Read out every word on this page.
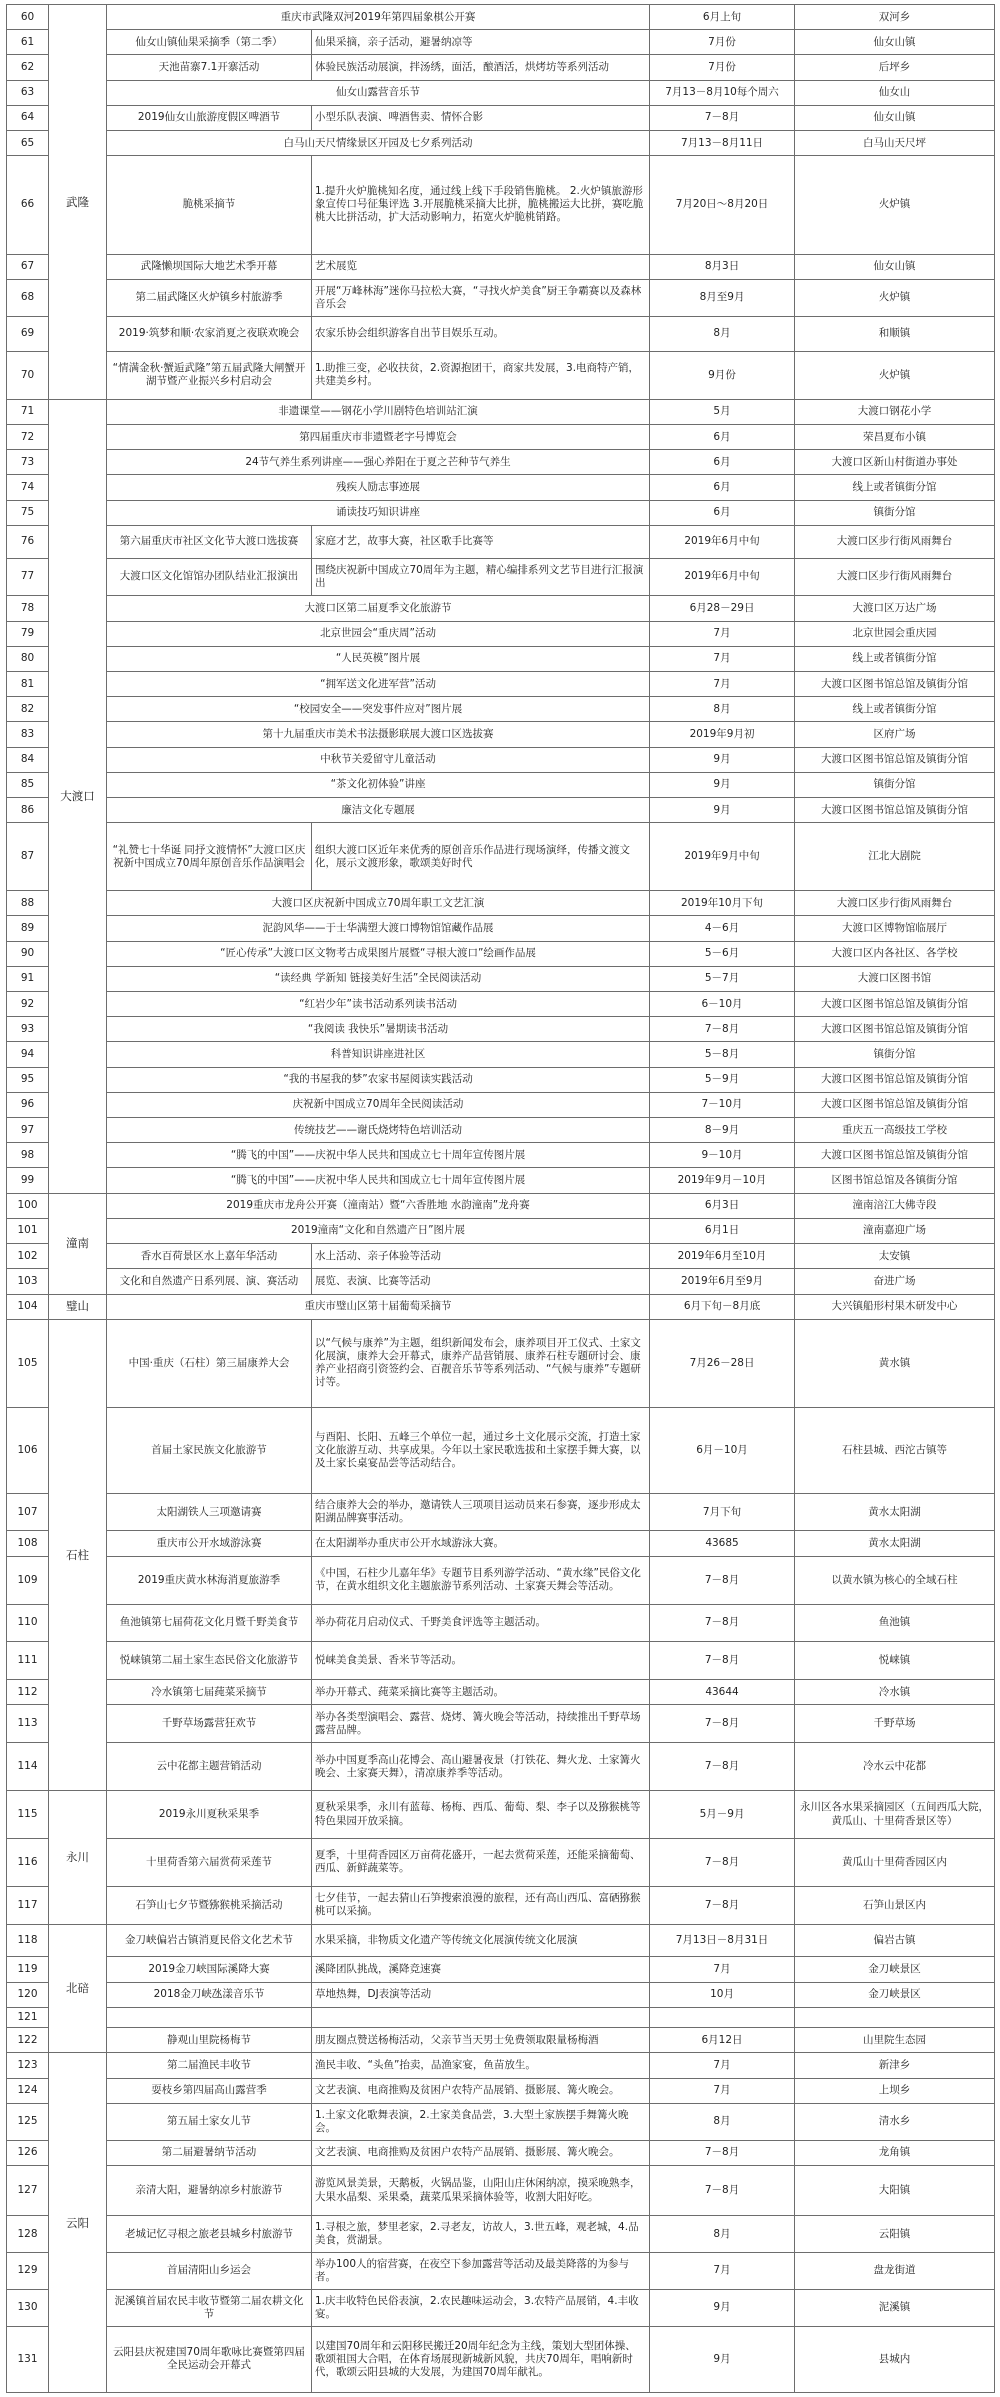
60	武隆	重庆市武隆双河2019年第四届象棋公开赛		6月上旬	双河乡
61		仙女山镇仙果采摘季（第二季）	仙果采摘，亲子活动，避暑纳凉等	7月份	仙女山镇
62		天池苗寨7.1开寨活动	体验民族活动展演，拌汤绣，面活，酿酒活，烘烤坊等系列活动	7月份	后坪乡
63		仙女山露营音乐节		7月13－8月10每个周六	仙女山
64		2019仙女山旅游度假区啤酒节	小型乐队表演、啤酒售卖、情怀合影	7－8月	仙女山镇
65		白马山天尺情缘景区开园及七夕系列活动		7月13－8月11日	白马山天尺坪
66		脆桃采摘节	1.提升火炉脆桃知名度，通过线上线下手段销售脆桃。 2.火炉镇旅游形象宣传口号征集评选 3.开展脆桃采摘大比拼，脆桃搬运大比拼，赛吃脆桃大比拼活动，扩大活动影响力，拓宽火炉脆桃销路。	7月20日～8月20日	火炉镇
67		武隆懒坝国际大地艺术季开幕	艺术展览	8月3日	仙女山镇
68		第二届武隆区火炉镇乡村旅游季	开展“万峰林海”迷你马拉松大赛，“寻找火炉美食”厨王争霸赛以及森林音乐会	8月至9月	火炉镇
69		2019·筑梦和顺·农家消夏之夜联欢晚会	农家乐协会组织游客自出节目娱乐互动。	8月	和顺镇
70		“情满金秋·蟹逅武隆”第五届武隆大闸蟹开湖节暨产业振兴乡村启动会	1.助推三变，必收扶贫，2.资源抱团干，商家共发展，3.电商特产销，共建美乡村。	9月份	火炉镇
71	大渡口	非遗课堂——钢花小学川剧特色培训站汇演		5月	大渡口钢花小学
72		第四届重庆市非遗暨老字号博览会		6月	荣昌夏布小镇
73		24节气养生系列讲座——强心养阳在于夏之芒种节气养生		6月	大渡口区新山村街道办事处
74		残疾人励志事迹展		6月	线上或者镇街分馆
75		诵读技巧知识讲座		6月	镇街分馆
76		第六届重庆市社区文化节大渡口选拔赛	家庭才艺，故事大赛，社区歌手比赛等	2019年6月中旬	大渡口区步行街风雨舞台
77		大渡口区文化馆馆办团队结业汇报演出	围绕庆祝新中国成立70周年为主题，精心编排系列文艺节目进行汇报演出	2019年6月中旬	大渡口区步行街风雨舞台
78		大渡口区第二届夏季文化旅游节		6月28－29日	大渡口区万达广场
79		北京世园会“重庆周”活动		7月	北京世园会重庆园
80		“人民英模”图片展		7月	线上或者镇街分馆
81		“拥军送文化进军营”活动		7月	大渡口区图书馆总馆及镇街分馆
82		“校园安全——突发事件应对”图片展		8月	线上或者镇街分馆
83		第十九届重庆市美术书法摄影联展大渡口区选拔赛		2019年9月初	区府广场
84		中秋节关爱留守儿童活动		9月	大渡口区图书馆总馆及镇街分馆
85		“茶文化初体验”讲座		9月	镇街分馆
86		廉洁文化专题展		9月	大渡口区图书馆总馆及镇街分馆
87		“礼赞七十华诞 同抒文渡情怀”大渡口区庆祝新中国成立70周年原创音乐作品演唱会	组织大渡口区近年来优秀的原创音乐作品进行现场演绎，传播文渡文化，展示文渡形象，歌颂美好时代	2019年9月中旬	江北大剧院
88		大渡口区庆祝新中国成立70周年职工文艺汇演		2019年10月下旬	大渡口区步行街风雨舞台
89		泥韵风华——于士华满塑大渡口博物馆馆藏作品展		4－6月	大渡口区博物馆临展厅
90		“匠心传承”大渡口区文物考古成果图片展暨“寻根大渡口”绘画作品展		5－6月	大渡口区内各社区、各学校
91		“读经典 学新知 链接美好生活”全民阅读活动		5－7月	大渡口区图书馆
92		“红岩少年”读书活动系列读书活动		6－10月	大渡口区图书馆总馆及镇街分馆
93		“我阅读 我快乐”暑期读书活动		7－8月	大渡口区图书馆总馆及镇街分馆
94		科普知识讲座进社区		5－8月	镇街分馆
95		“我的书屋我的梦”农家书屋阅读实践活动		5－9月	大渡口区图书馆总馆及镇街分馆
96		庆祝新中国成立70周年全民阅读活动		7－10月	大渡口区图书馆总馆及镇街分馆
97		传统技艺——谢氏烧烤特色培训活动		8－9月	重庆五一高级技工学校
98		“腾飞的中国”——庆祝中华人民共和国成立七十周年宣传图片展		9－10月	大渡口区图书馆总馆及镇街分馆
99		“腾飞的中国”——庆祝中华人民共和国成立七十周年宣传图片展		2019年9月－10月	区图书馆总馆及各镇街分馆
100	潼南	2019重庆市龙舟公开赛（潼南站）暨“六香胜地 水韵潼南”龙舟赛		6月3日	潼南涪江大佛寺段
101		2019潼南“文化和自然遗产日”图片展		6月1日	潼南嘉迎广场
102		香水百荷景区水上嘉年华活动	水上活动、亲子体验等活动	2019年6月至10月	太安镇
103		文化和自然遗产日系列展、演、赛活动	展览、表演、比赛等活动	2019年6月至9月	奋进广场
104	璧山	重庆市璧山区第十届葡萄采摘节		6月下旬－8月底	大兴镇船形村果木研发中心
105	石柱	中国·重庆（石柱）第三届康养大会	以“气候与康养”为主题，组织新闻发布会，康养项目开工仪式、土家文化展演，康养大会开幕式，康养产品营销展、康养石柱专题研讨会、康养产业招商引资签约会、百靓音乐节等系列活动、“气候与康养”专题研讨等。	7月26－28日	黄水镇
106		首届土家民族文化旅游节	与酉阳、长阳、五峰三个单位一起，通过乡土文化展示交流，打造土家文化旅游互动、共享成果。今年以土家民歌选拔和土家摆手舞大赛，以及土家长桌宴品尝等活动结合。	6月－10月	石柱县城、西沱古镇等
107		太阳湖铁人三项邀请赛	结合康养大会的举办，邀请铁人三项项目运动员来石参赛，逐步形成太阳湖品牌赛事活动。	7月下旬	黄水太阳湖
108		重庆市公开水域游泳赛	在太阳湖举办重庆市公开水域游泳大赛。	43685	黄水太阳湖
109		2019重庆黄水林海消夏旅游季	《中国，石柱少儿嘉年华》专题节目系列游学活动、“黄水缘”民俗文化节，在黄水组织文化主题旅游节系列活动、土家赛天舞会等活动。	7－8月	以黄水镇为核心的全域石柱
110		鱼池镇第七届荷花文化月暨千野美食节	举办荷花月启动仪式、千野美食评选等主题活动。	7－8月	鱼池镇
111		悦崃镇第二届土家生态民俗文化旅游节	悦崃美食美景、香米节等活动。	7－8月	悦崃镇
112		冷水镇第七届莼菜采摘节	举办开幕式、莼菜采摘比赛等主题活动。	43644	冷水镇
113		千野草场露营狂欢节	举办各类型演唱会、露营、烧烤、篝火晚会等活动，持续推出千野草场露营品牌。	7－8月	千野草场
114		云中花都主题营销活动	举办中国夏季高山花博会、高山避暑夜景（打铁花、舞火龙、土家篝火晚会、土家赛天舞），清凉康养季等活动。	7－8月	冷水云中花都
115	永川	2019永川夏秋采果季	夏秋采果季，永川有蓝莓、杨梅、西瓜、葡萄、梨、李子以及猕猴桃等特色果园开放采摘。	5月－9月	永川区各水果采摘园区（五间西瓜大院，黄瓜山、十里荷香景区等）
116		十里荷香第六届赏荷采莲节	夏季，十里荷香园区万亩荷花盛开，一起去赏荷采莲，还能采摘葡萄、西瓜、新鲜蔬菜等。	7－8月	黄瓜山十里荷香园区内
117		石笋山七夕节暨猕猴桃采摘活动	七夕佳节，一起去猜山石笋搜索浪漫的旅程，还有高山西瓜、富硒猕猴桃可以采摘。	7－8月	石笋山景区内
118	北碚	金刀峡偏岩古镇消夏民俗文化艺术节	水果采摘，非物质文化遗产等传统文化展演传统文化展演	7月13日－8月31日	偏岩古镇
119		2019金刀峡国际溪降大赛	溪降团队挑战，溪降竞速赛	7月	金刀峡景区
120		2018金刀峡氹漾音乐节	草地热舞，DJ表演等活动	10月	金刀峡景区
121					
122		静观山里院杨梅节	朋友圈点赞送杨梅活动，父亲节当天男士免费领取限量杨梅酒	6月12日	山里院生态园
123	云阳	第二届渔民丰收节	渔民丰收、“头鱼”抬卖，品渔家宴，鱼苗放生。	7月	新津乡
124		耍枝乡第四届高山露营季	文艺表演、电商推购及贫困户农特产品展销、摄影展、篝火晚会。	7月	上坝乡
125		第五届土家女儿节	1.土家文化歌舞表演，2.土家美食品尝，3.大型土家族摆手舞篝火晚会。	8月	清水乡
126		第二届避暑纳节活动	文艺表演、电商推购及贫困户农特产品展销、摄影展、篝火晚会。	7－8月	龙角镇
127		亲清大阳，避暑纳凉乡村旅游节	游览风景美景，天鹅板，火锅品鉴，山阳山庄休闲纳凉，摸采晚熟李，大果水晶梨、采果桑，蔬菜瓜果采摘体验等，收割大阳好吃。	7－8月	大阳镇
128		老城记忆寻根之旅老县城乡村旅游节	1.寻根之旅，梦里老家，2.寻老友，访故人，3.世五峰，观老城，4.品美食，赏湖景。	8月	云阳镇
129		首届清阳山乡运会	举办100人的宿营赛，在夜空下参加露营等活动及最美降落的为参与者。	7月	盘龙街道
130		泥溪镇首届农民丰收节暨第二届农耕文化节	1.庆丰收特色民俗表演，2.农民趣味运动会，3.农特产品展销，4.丰收宴。	9月	泥溪镇
131		云阳县庆祝建国70周年歌咏比赛暨第四届全民运动会开幕式	以建国70周年和云阳移民搬迁20周年纪念为主线，策划大型团体操、歌颂祖国大合唱，在体育场展现新城新风貌，共庆70周年，唱响新时代，歌颂云阳县城的大发展，为建国70周年献礼。	9月	县城内
